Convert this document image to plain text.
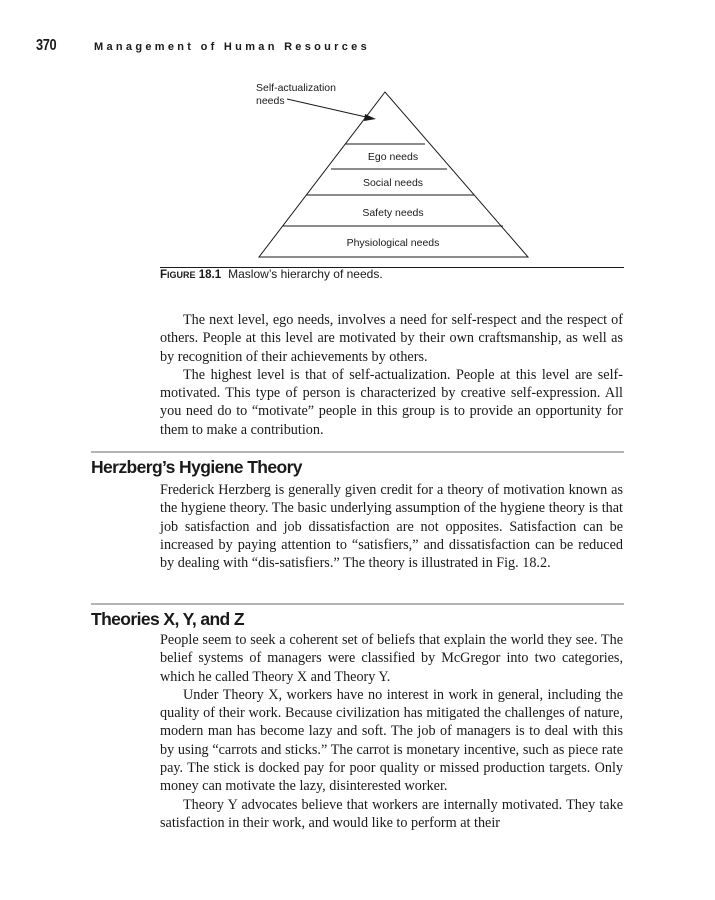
370	Management of Human Resources
Self-actualization
needs
Ego needs
Social needs
Safety needs
Physiological needs
FIGURE 18.1 Maslow’s hierarchy of needs.

The next level, ego needs, involves a need for self-respect and the respect of others. People at this level are motivated by their own craftsmanship, as well as by recognition of their achievements by others.

The highest level is that of self-actualization. People at this level are self-motivated. This type of person is characterized by creative self-expression. All you need do to “motivate” people in this group is to provide an opportunity for them to make a contribution.

Herzberg’s Hygiene Theory

Frederick Herzberg is generally given credit for a theory of motivation known as the hygiene theory. The basic underlying assumption of the hygiene theory is that job satisfaction and job dissatisfaction are not opposites. Satisfaction can be increased by paying attention to “satisfiers,” and dissatisfaction can be reduced by dealing with “dis-satisfiers.” The theory is illustrated in Fig. 18.2.

Theories X, Y, and Z

People seem to seek a coherent set of beliefs that explain the world they see. The belief systems of managers were classified by McGregor into two categories, which he called Theory X and Theory Y.

Under Theory X, workers have no interest in work in general, including the quality of their work. Because civilization has mitigated the challenges of nature, modern man has become lazy and soft. The job of managers is to deal with this by using “carrots and sticks.” The carrot is monetary incentive, such as piece rate pay. The stick is docked pay for poor quality or missed production targets. Only money can motivate the lazy, disinterested worker.

Theory Y advocates believe that workers are internally motivated. They take satisfaction in their work, and would like to perform at their
